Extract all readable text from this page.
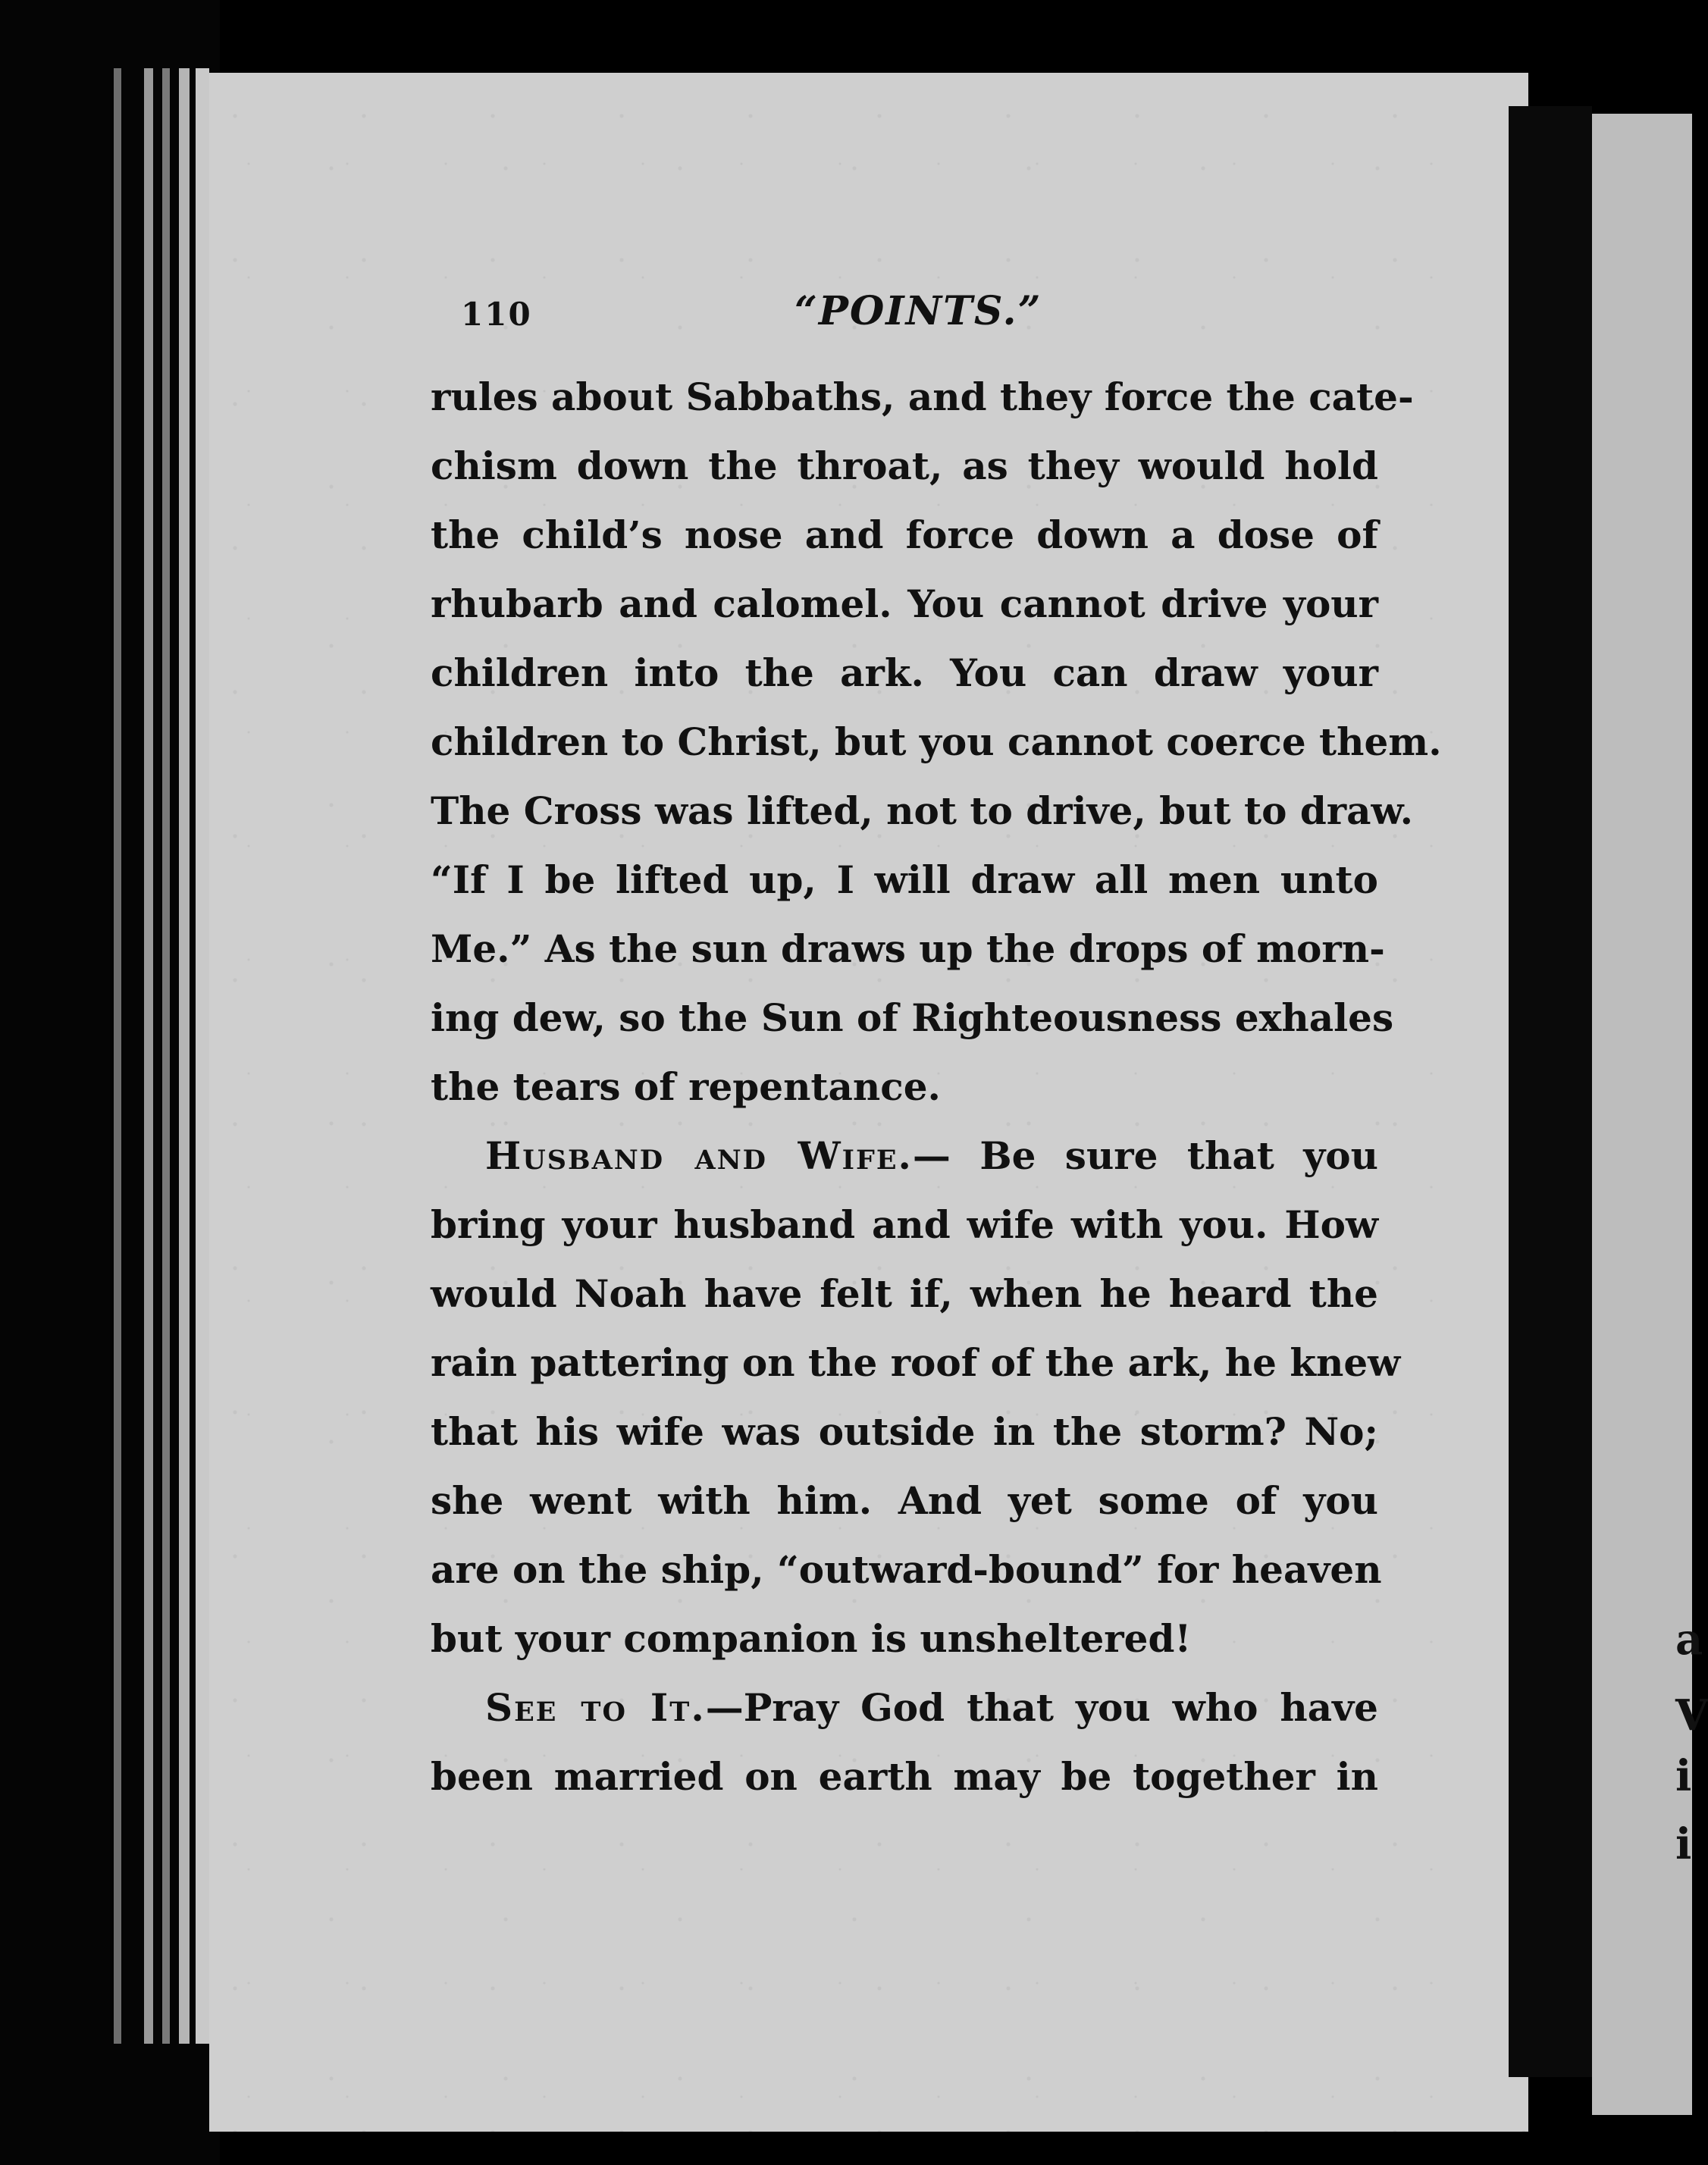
a
V
i
i
110	“POINTS.”
rules about Sabbaths, and they force the cate-
chism down the throat, as they would hold
the child’s nose and force down a dose of
rhubarb and calomel. You cannot drive your
children into the ark. You can draw your
children to Christ, but you cannot coerce them.
The Cross was lifted, not to drive, but to draw.
“If I be lifted up, I will draw all men unto
Me.” As the sun draws up the drops of morn-
ing dew, so the Sun of Righteousness exhales
the tears of repentance.
Husband and Wife.— Be sure that you
bring your husband and wife with you. How
would Noah have felt if, when he heard the
rain pattering on the roof of the ark, he knew
that his wife was outside in the storm? No;
she went with him. And yet some of you
are on the ship, “outward-bound” for heaven
but your companion is unsheltered!
See to It.—Pray God that you who have
been married on earth may be together in
